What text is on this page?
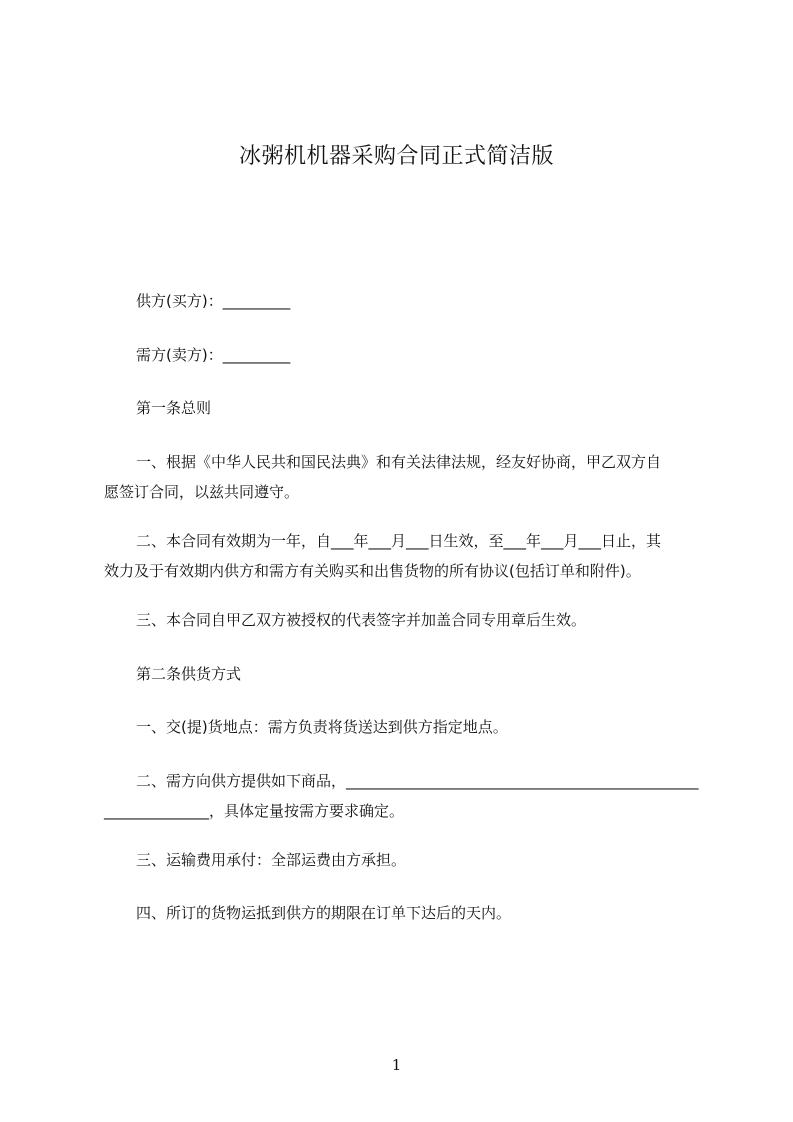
冰粥机机器采购合同正式简洁版
供方(买方)：_________
需方(卖方)：_________
第一条总则
一、根据《中华人民共和国民法典》和有关法律法规，经友好协商，甲乙双方自
愿签订合同，以兹共同遵守。
二、本合同有效期为一年，自___年___月___日生效，至___年___月___日止，其
效力及于有效期内供方和需方有关购买和出售货物的所有协议(包括订单和附件)。
三、本合同自甲乙双方被授权的代表签字并加盖合同专用章后生效。
第二条供货方式
一、交(提)货地点：需方负责将货送达到供方指定地点。
二、需方向供方提供如下商品，_______________________________________________
______________，具体定量按需方要求确定。
三、运输费用承付：全部运费由方承担。
四、所订的货物运抵到供方的期限在订单下达后的天内。
1
